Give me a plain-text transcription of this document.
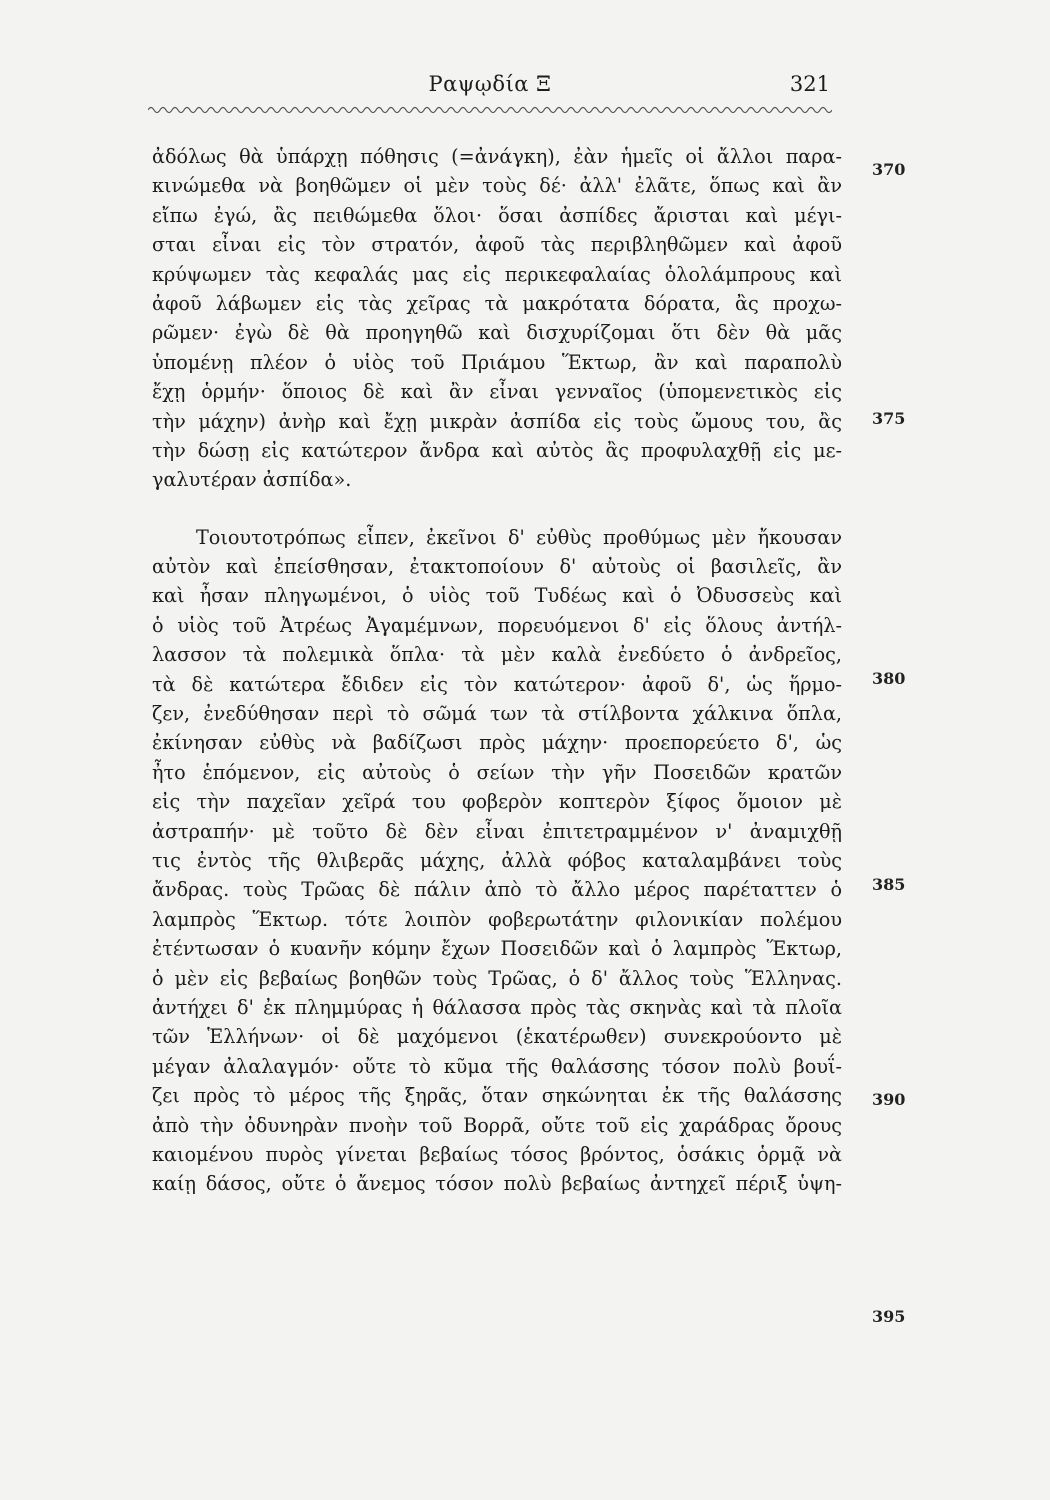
Ραψῳδία Ξ	321
ἀδόλως θὰ ὑπάρχῃ πόθησις (=ἀνάγκη), ἐὰν ἡμεῖς οἱ ἄλλοι παρα-
κινώμεθα νὰ βοηθῶμεν οἱ μὲν τοὺς δέ· ἀλλ' ἐλᾶτε, ὅπως καὶ ἂν
εἴπω ἐγώ, ἂς πειθώμεθα ὅλοι· ὅσαι ἀσπίδες ἄρισται καὶ μέγι-
σται εἶναι εἰς τὸν στρατόν, ἀφοῦ τὰς περιβληθῶμεν καὶ ἀφοῦ
κρύψωμεν τὰς κεφαλάς μας εἰς περικεφαλαίας ὁλολάμπρους καὶ
ἀφοῦ λάβωμεν εἰς τὰς χεῖρας τὰ μακρότατα δόρατα, ἂς προχω-
ρῶμεν· ἐγὼ δὲ θὰ προηγηθῶ καὶ δισχυρίζομαι ὅτι δὲν θὰ μᾶς
ὑπομένῃ πλέον ὁ υἱὸς τοῦ Πριάμου Ἕκτωρ, ἂν καὶ παραπολὺ
ἔχῃ ὁρμήν· ὅποιος δὲ καὶ ἂν εἶναι γενναῖος (ὑπομενετικὸς εἰς
τὴν μάχην) ἀνὴρ καὶ ἔχῃ μικρὰν ἀσπίδα εἰς τοὺς ὤμους του, ἂς
τὴν δώσῃ εἰς κατώτερον ἄνδρα καὶ αὐτὸς ἂς προφυλαχθῇ εἰς με-
γαλυτέραν ἀσπίδα».
Τοιουτοτρόπως εἶπεν, ἐκεῖνοι δ' εὐθὺς προθύμως μὲν ἤκουσαν
αὐτὸν καὶ ἐπείσθησαν, ἐτακτοποίουν δ' αὐτοὺς οἱ βασιλεῖς, ἂν
καὶ ἦσαν πληγωμένοι, ὁ υἱὸς τοῦ Τυδέως καὶ ὁ Ὀδυσσεὺς καὶ
ὁ υἱὸς τοῦ Ἀτρέως Ἀγαμέμνων, πορευόμενοι δ' εἰς ὅλους ἀντήλ-
λασσον τὰ πολεμικὰ ὅπλα· τὰ μὲν καλὰ ἐνεδύετο ὁ ἀνδρεῖος,
τὰ δὲ κατώτερα ἔδιδεν εἰς τὸν κατώτερον· ἀφοῦ δ', ὡς ἥρμο-
ζεν, ἐνεδύθησαν περὶ τὸ σῶμά των τὰ στίλβοντα χάλκινα ὅπλα,
ἐκίνησαν εὐθὺς νὰ βαδίζωσι πρὸς μάχην· προεπορεύετο δ', ὡς
ἦτο ἑπόμενον, εἰς αὐτοὺς ὁ σείων τὴν γῆν Ποσειδῶν κρατῶν
εἰς τὴν παχεῖαν χεῖρά του φοβερὸν κοπτερὸν ξίφος ὅμοιον μὲ
ἀστραπήν· μὲ τοῦτο δὲ δὲν εἶναι ἐπιτετραμμένον ν' ἀναμιχθῇ
τις ἐντὸς τῆς θλιβερᾶς μάχης, ἀλλὰ φόβος καταλαμβάνει τοὺς
ἄνδρας. τοὺς Τρῶας δὲ πάλιν ἀπὸ τὸ ἄλλο μέρος παρέταττεν ὁ
λαμπρὸς Ἕκτωρ. τότε λοιπὸν φοβερωτάτην φιλονικίαν πολέμου
ἐτέντωσαν ὁ κυανῆν κόμην ἔχων Ποσειδῶν καὶ ὁ λαμπρὸς Ἕκτωρ,
ὁ μὲν εἰς βεβαίως βοηθῶν τοὺς Τρῶας, ὁ δ' ἄλλος τοὺς Ἕλληνας.
ἀντήχει δ' ἐκ πλημμύρας ἡ θάλασσα πρὸς τὰς σκηνὰς καὶ τὰ πλοῖα
τῶν Ἑλλήνων· οἱ δὲ μαχόμενοι (ἑκατέρωθεν) συνεκρούοντο μὲ
μέγαν ἀλαλαγμόν· οὔτε τὸ κῦμα τῆς θαλάσσης τόσον πολὺ βουΐ-
ζει πρὸς τὸ μέρος τῆς ξηρᾶς, ὅταν σηκώνηται ἐκ τῆς θαλάσσης
ἀπὸ τὴν ὀδυνηρὰν πνοὴν τοῦ Βορρᾶ, οὔτε τοῦ εἰς χαράδρας ὄρους
καιομένου πυρὸς γίνεται βεβαίως τόσος βρόντος, ὁσάκις ὁρμᾷ νὰ
καίῃ δάσος, οὔτε ὁ ἄνεμος τόσον πολὺ βεβαίως ἀντηχεῖ πέριξ ὑψη-
370
375
380
385
390
395
